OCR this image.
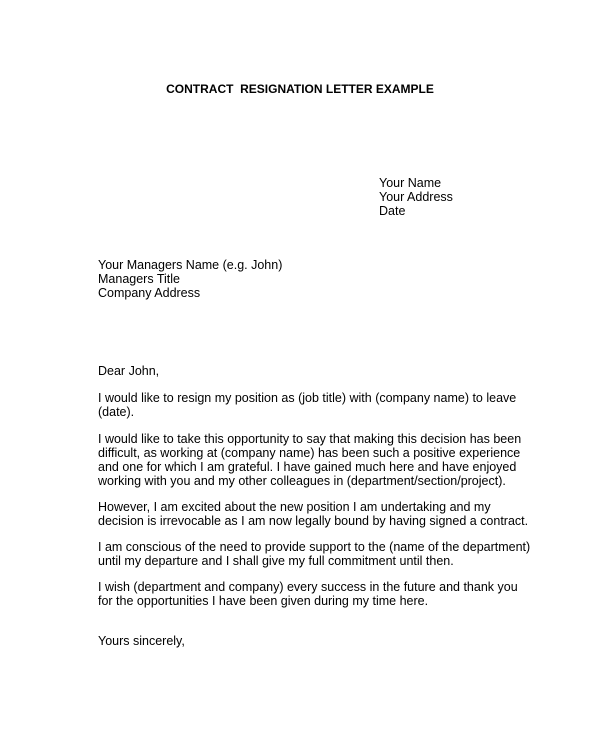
CONTRACT  RESIGNATION LETTER EXAMPLE
Your Name
Your Address
Date
Your Managers Name (e.g. John)
Managers Title
Company Address
Dear John,
I would like to resign my position as (job title) with (company name) to leave
(date).
I would like to take this opportunity to say that making this decision has been
difficult, as working at (company name) has been such a positive experience
and one for which I am grateful. I have gained much here and have enjoyed
working with you and my other colleagues in (department/section/project).
However, I am excited about the new position I am undertaking and my
decision is irrevocable as I am now legally bound by having signed a contract.
I am conscious of the need to provide support to the (name of the department)
until my departure and I shall give my full commitment until then.
I wish (department and company) every success in the future and thank you
for the opportunities I have been given during my time here.
Yours sincerely,
